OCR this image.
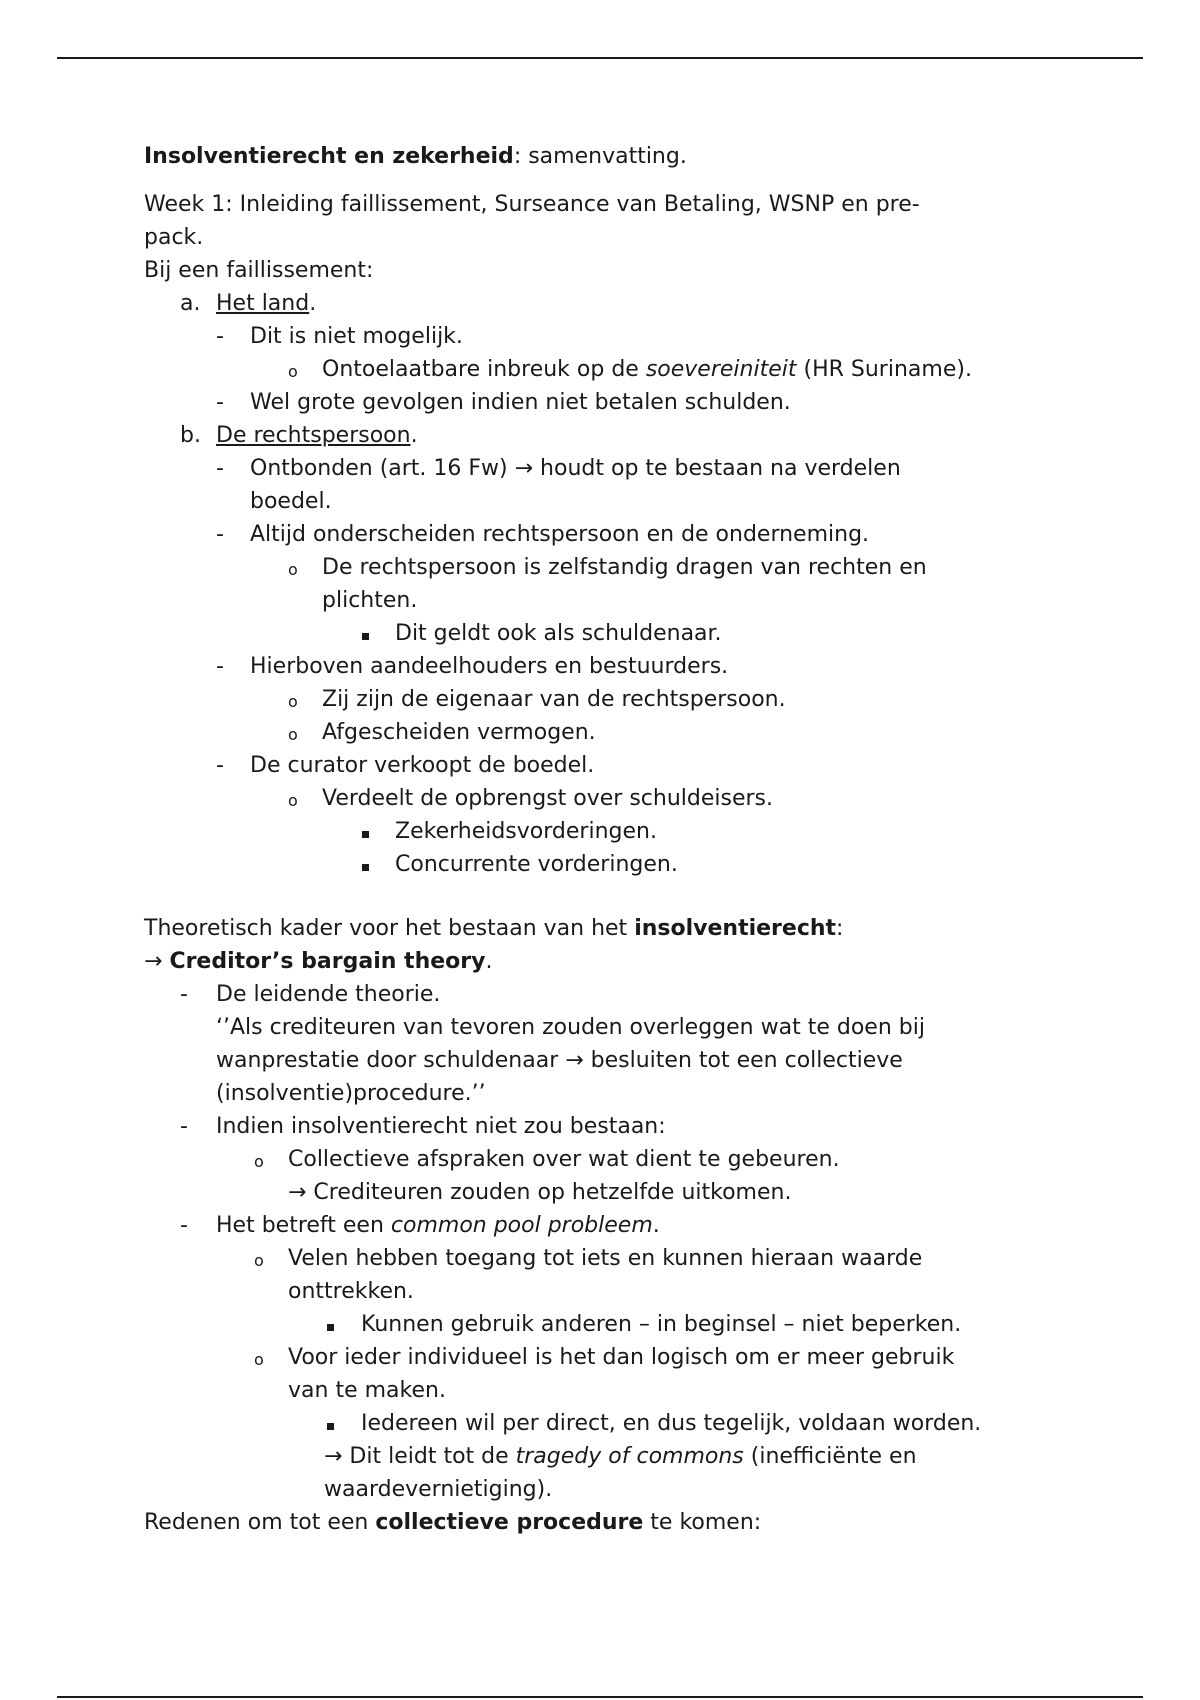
Insolventierecht en zekerheid: samenvatting.
Week 1: Inleiding faillissement, Surseance van Betaling, WSNP en pre-
pack.
Bij een faillissement:
a. Het land.
- Dit is niet mogelijk.
o Ontoelaatbare inbreuk op de soevereiniteit (HR Suriname).
- Wel grote gevolgen indien niet betalen schulden.
b. De rechtspersoon.
- Ontbonden (art. 16 Fw) → houdt op te bestaan na verdelen
boedel.
- Altijd onderscheiden rechtspersoon en de onderneming.
o De rechtspersoon is zelfstandig dragen van rechten en
plichten.
Dit geldt ook als schuldenaar.
- Hierboven aandeelhouders en bestuurders.
o Zij zijn de eigenaar van de rechtspersoon.
o Afgescheiden vermogen.
- De curator verkoopt de boedel.
o Verdeelt de opbrengst over schuldeisers.
Zekerheidsvorderingen.
Concurrente vorderingen.
Theoretisch kader voor het bestaan van het insolventierecht:
→ Creditor’s bargain theory.
- De leidende theorie.
‘’Als crediteuren van tevoren zouden overleggen wat te doen bij
wanprestatie door schuldenaar → besluiten tot een collectieve
(insolventie)procedure.’’
- Indien insolventierecht niet zou bestaan:
o Collectieve afspraken over wat dient te gebeuren.
→ Crediteuren zouden op hetzelfde uitkomen.
- Het betreft een common pool probleem.
o Velen hebben toegang tot iets en kunnen hieraan waarde
onttrekken.
Kunnen gebruik anderen – in beginsel – niet beperken.
o Voor ieder individueel is het dan logisch om er meer gebruik
van te maken.
Iedereen wil per direct, en dus tegelijk, voldaan worden.
→ Dit leidt tot de tragedy of commons (inefficiënte en
waardevernietiging).
Redenen om tot een collectieve procedure te komen:
